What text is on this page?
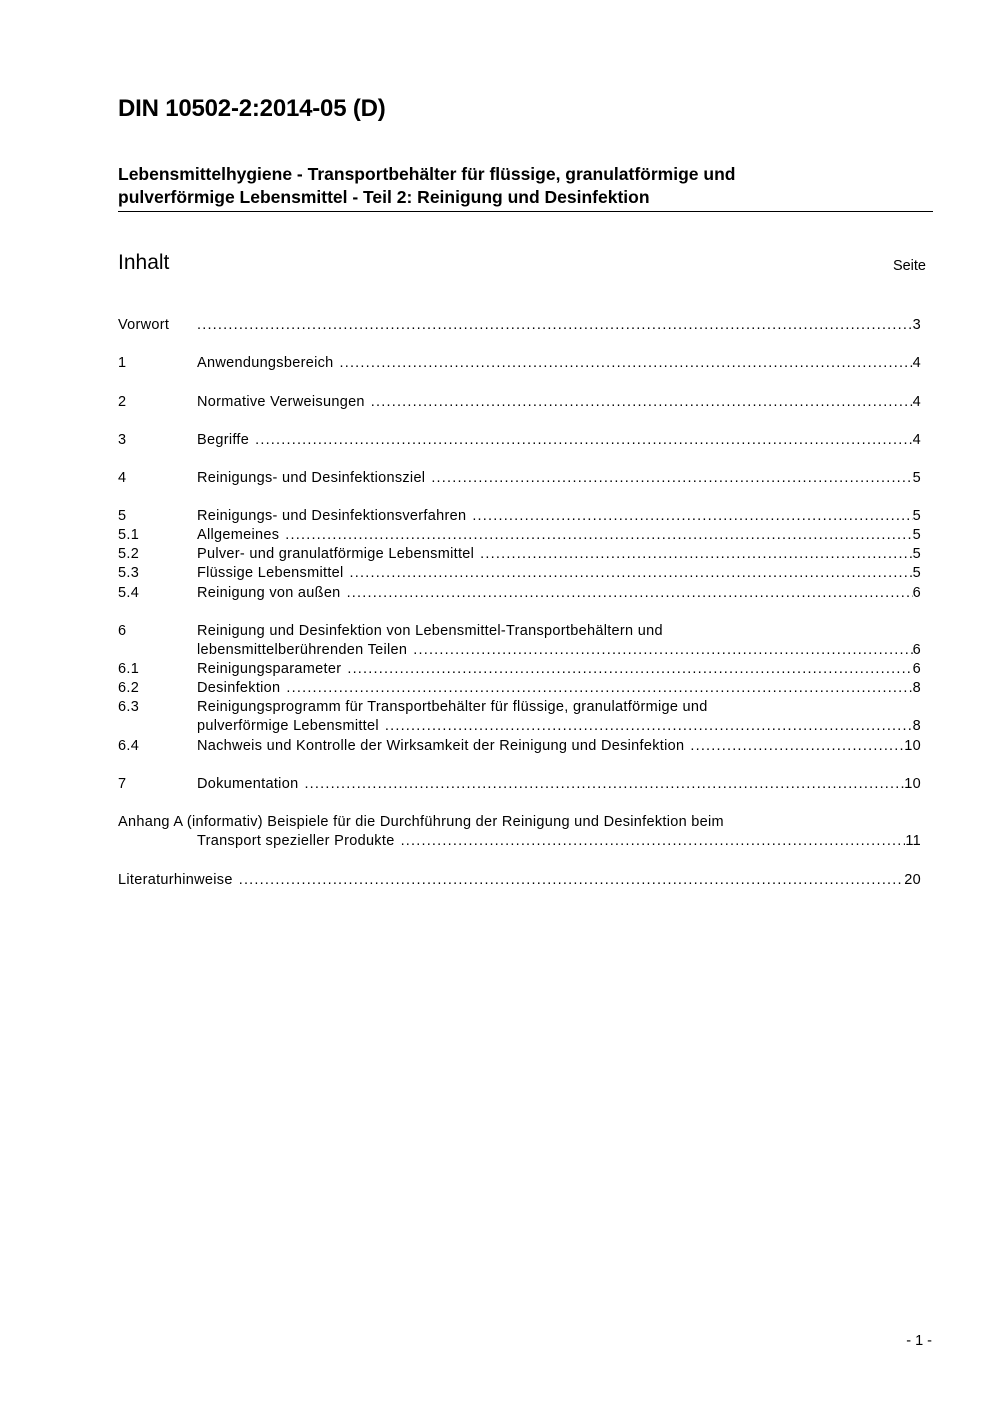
DIN 10502-2:2014-05 (D)
Lebensmittelhygiene - Transportbehälter für flüssige, granulatförmige und
pulverförmige Lebensmittel - Teil 2: Reinigung und Desinfektion
Inhalt	Seite
Vorwort .....	3
1	Anwendungsbereich .....	4
2	Normative Verweisungen .....	4
3	Begriffe .....	4
4	Reinigungs- und Desinfektionsziel .....	5
5	Reinigungs- und Desinfektionsverfahren .....	5
5.1	Allgemeines .....	5
5.2	Pulver- und granulatförmige Lebensmittel .....	5
5.3	Flüssige Lebensmittel .....	5
5.4	Reinigung von außen .....	6
6	Reinigung und Desinfektion von Lebensmittel-Transportbehältern und
lebensmittelberührenden Teilen .....	6
6.1	Reinigungsparameter .....	6
6.2	Desinfektion .....	8
6.3	Reinigungsprogramm für Transportbehälter für flüssige, granulatförmige und
pulverförmige Lebensmittel .....	8
6.4	Nachweis und Kontrolle der Wirksamkeit der Reinigung und Desinfektion .....	10
7	Dokumentation .....	10
Anhang A (informativ) Beispiele für die Durchführung der Reinigung und Desinfektion beim
Transport spezieller Produkte .....	11
Literaturhinweise .....	20
- 1 -
